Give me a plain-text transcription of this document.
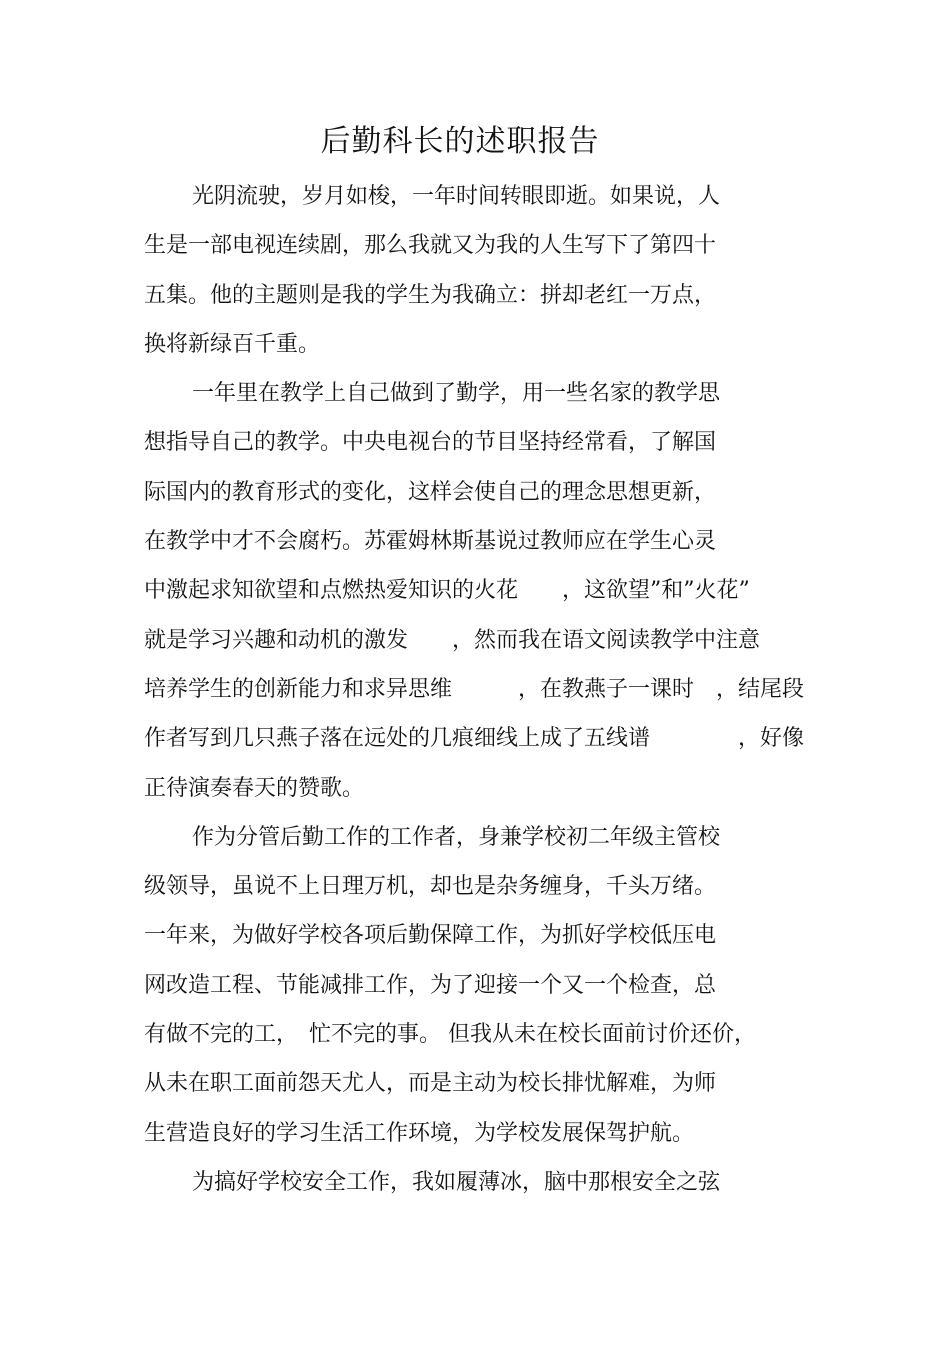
后勤科长的述职报告
光阴流驶，岁月如梭，一年时间转眼即逝。如果说，人
生是一部电视连续剧，那么我就又为我的人生写下了第四十
五集。他的主题则是我的学生为我确立：拼却老红一万点，
换将新绿百千重。
一年里在教学上自己做到了勤学，用一些名家的教学思
想指导自己的教学。中央电视台的节目坚持经常看，了解国
际国内的教育形式的变化，这样会使自己的理念思想更新，
在教学中才不会腐朽。苏霍姆林斯基说过教师应在学生心灵
中激起求知欲望和点燃热爱知识的火花　　，这欲望”和”火花”
就是学习兴趣和动机的激发　　，然而我在语文阅读教学中注意
培养学生的创新能力和求异思维　　　，在教燕子一课时　，结尾段
作者写到几只燕子落在远处的几痕细线上成了五线谱　　　　，好像
正待演奏春天的赞歌。
作为分管后勤工作的工作者，身兼学校初二年级主管校
级领导，虽说不上日理万机，却也是杂务缠身，千头万绪。
一年来，为做好学校各项后勤保障工作，为抓好学校低压电
网改造工程、节能减排工作，为了迎接一个又一个检查，总
有做不完的工，　忙不完的事。 但我从未在校长面前讨价还价，
从未在职工面前怨天尤人，而是主动为校长排忧解难，为师
生营造良好的学习生活工作环境，为学校发展保驾护航。
为搞好学校安全工作，我如履薄冰，脑中那根安全之弦
